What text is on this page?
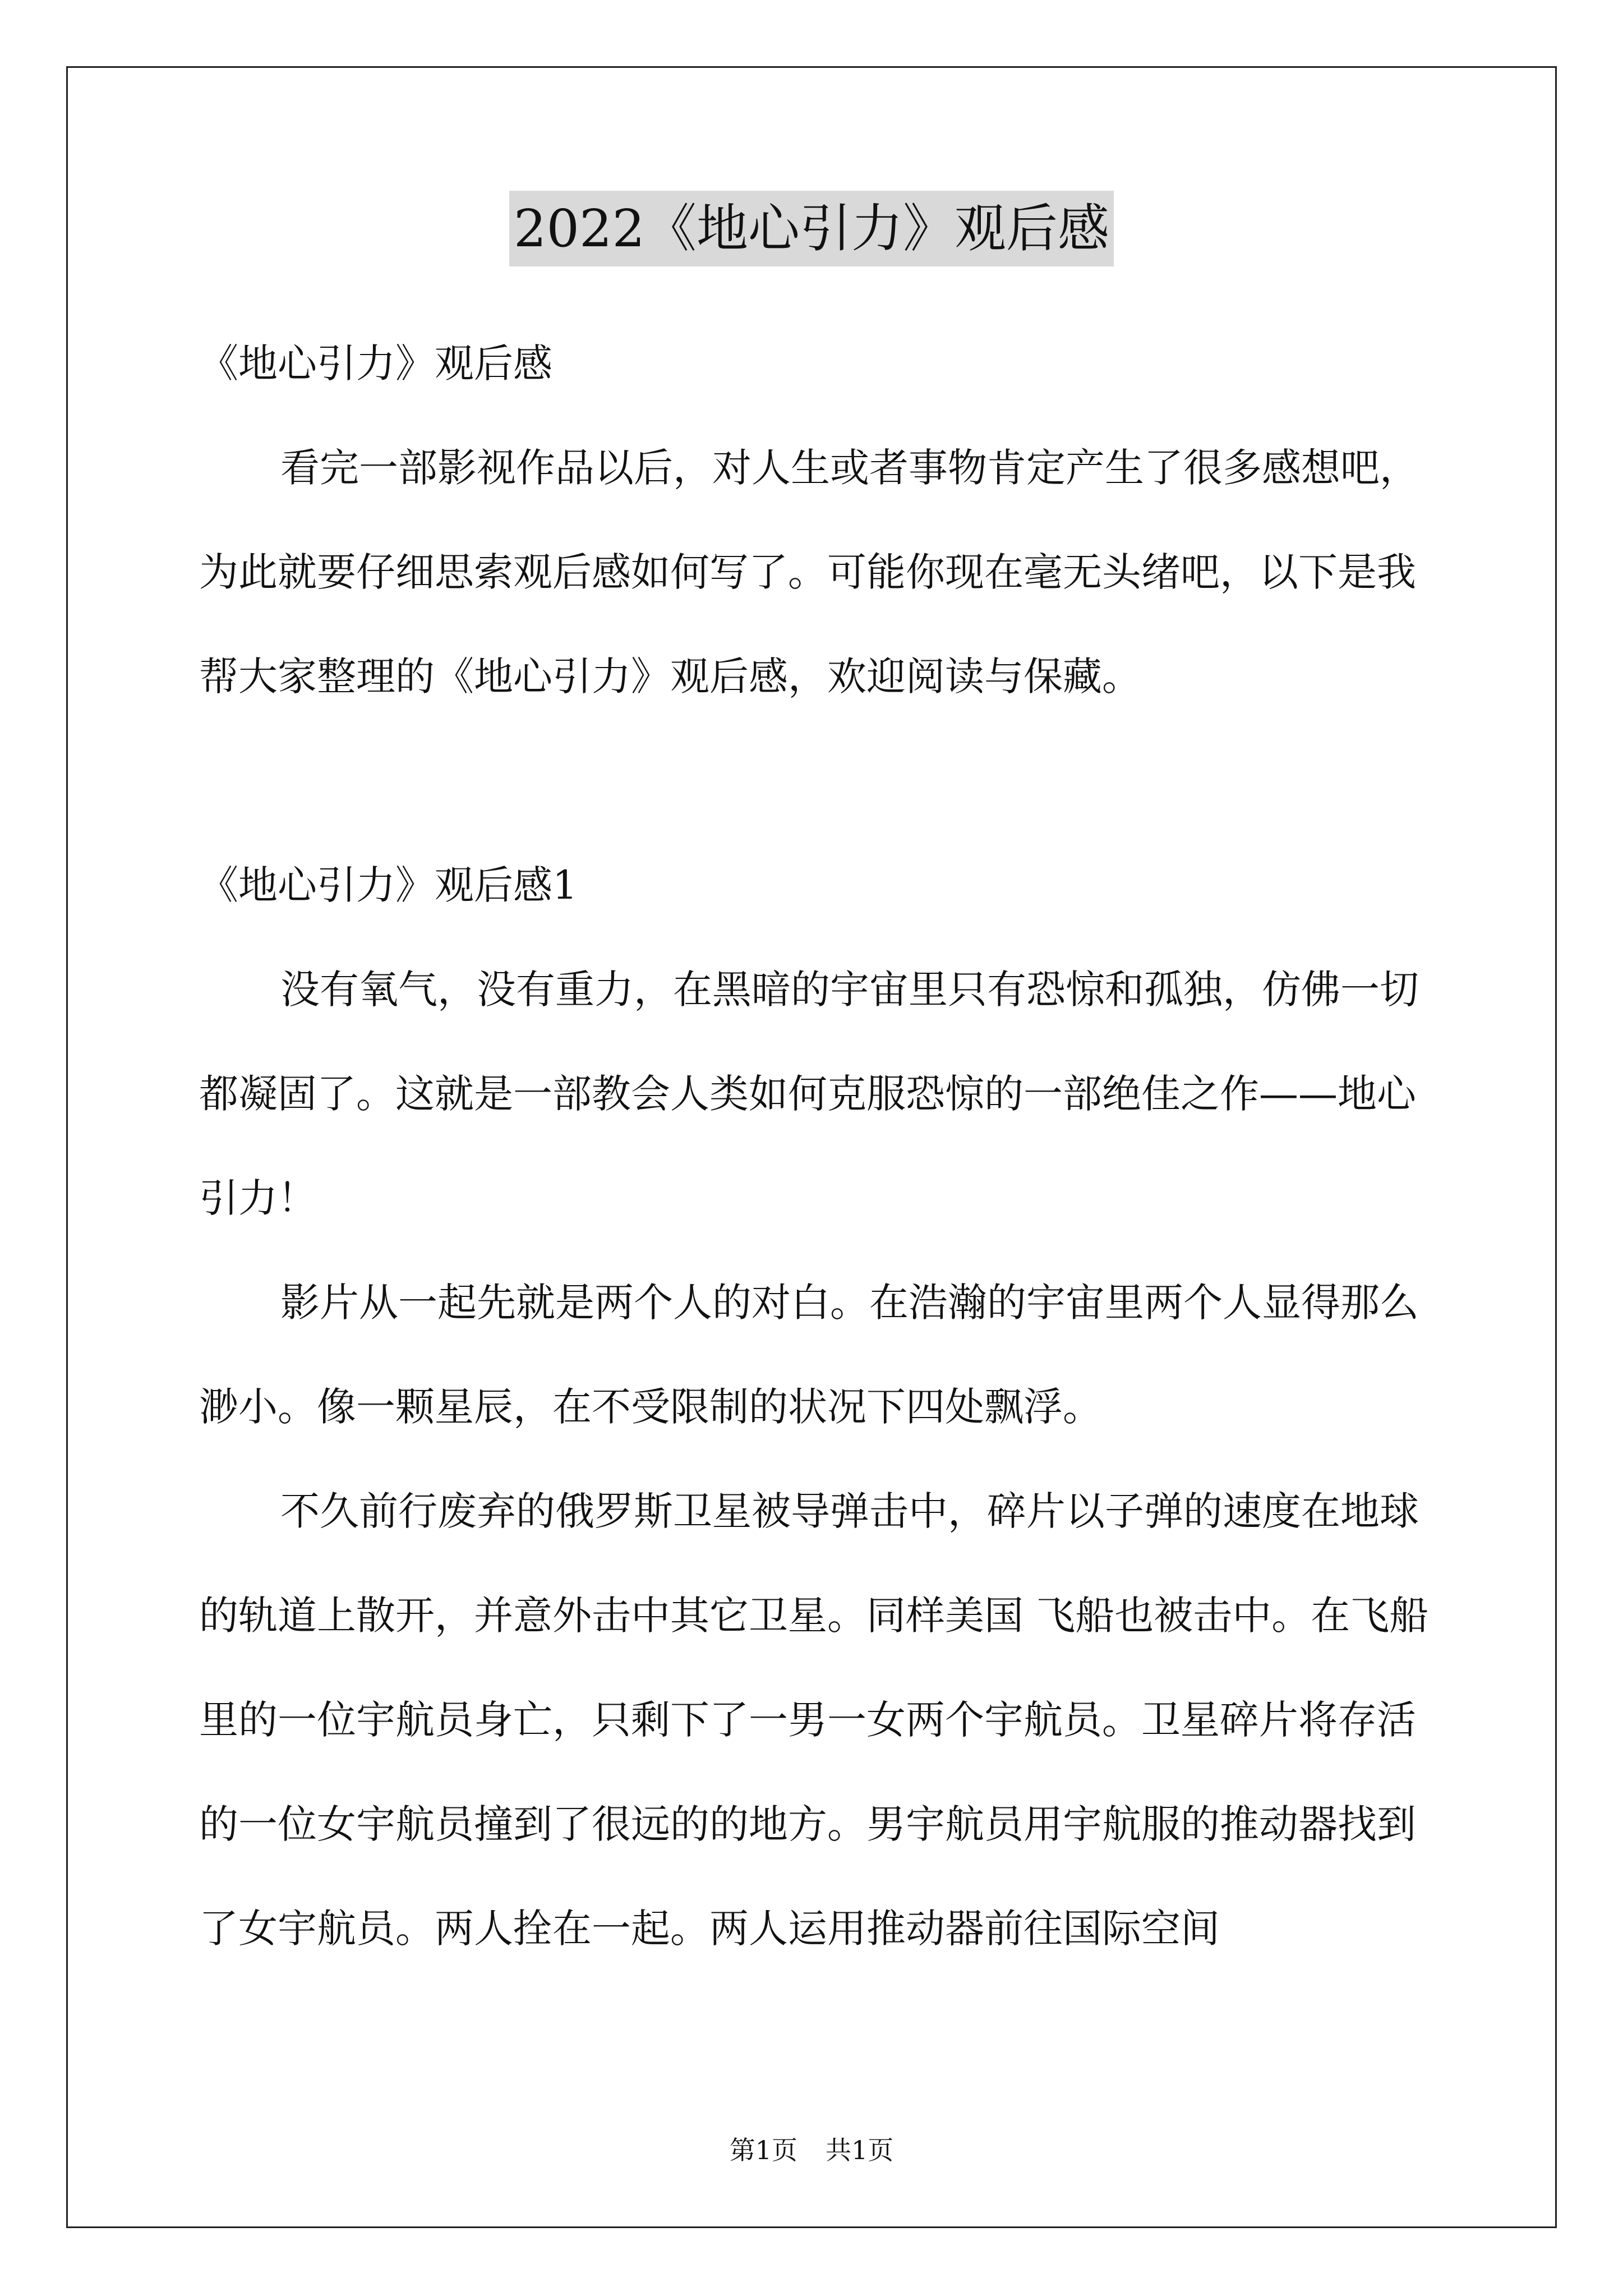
2022《地心引力》观后感

《地心引力》观后感

看完一部影视作品以后，对人生或者事物肯定产生了很多感想吧，为此就要仔细思索观后感如何写了。可能你现在毫无头绪吧，以下是我帮大家整理的《地心引力》观后感，欢迎阅读与保藏。

《地心引力》观后感1

没有氧气，没有重力，在黑暗的宇宙里只有恐惊和孤独，仿佛一切都凝固了。这就是一部教会人类如何克服恐惊的一部绝佳之作——地心引力！

影片从一起先就是两个人的对白。在浩瀚的宇宙里两个人显得那么渺小。像一颗星辰，在不受限制的状况下四处飘浮。

不久前行废弃的俄罗斯卫星被导弹击中，碎片以子弹的速度在地球的轨道上散开，并意外击中其它卫星。同样美国 飞船也被击中。在飞船里的一位宇航员身亡，只剩下了一男一女两个宇航员。卫星碎片将存活的一位女宇航员撞到了很远的的地方。男宇航员用宇航服的推动器找到了女宇航员。两人拴在一起。两人运用推动器前往国际空间

第1页 共1页
